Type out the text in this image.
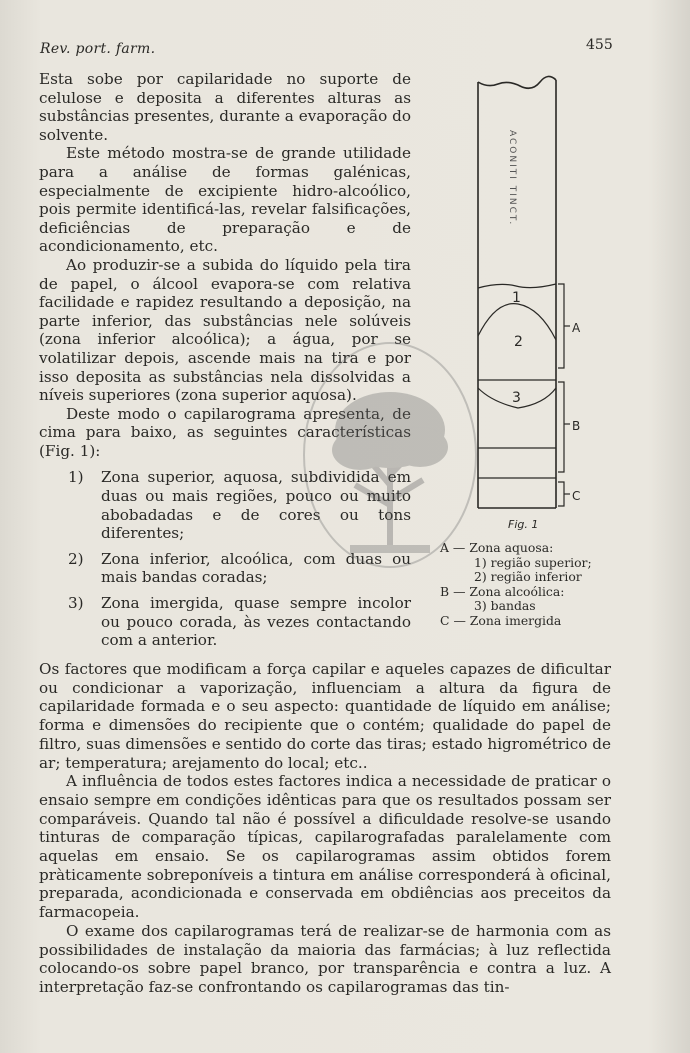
Rev. port. farm.	455

Esta sobe por capilaridade no suporte de celulose e deposita a diferentes alturas as substâncias presentes, durante a evaporação do solvente.

Este método mostra-se de grande utilidade para a análise de formas galénicas, especialmente de excipiente hidro-alcoólico, pois permite identificá-las, revelar falsificações, deficiências de preparação e de acondicionamento, etc.

Ao produzir-se a subida do líquido pela tira de papel, o álcool evapora-se com relativa facilidade e rapidez resultando a deposição, na parte inferior, das substâncias nele solúveis (zona inferior alcoólica); a água, por se volatilizar depois, ascende mais na tira e por isso deposita as substâncias nela dissolvidas a níveis superiores (zona superior aquosa).

Deste modo o capilarograma apresenta, de cima para baixo, as seguintes características (Fig. 1):

1)	Zona superior, aquosa, subdividida em duas ou mais regiões, pouco ou muito abobadadas e de cores ou tons diferentes;
2)	Zona inferior, alcoólica, com duas ou mais bandas coradas;
3)	Zona imergida, quase sempre incolor ou pouco corada, às vezes contactando com a anterior.
ACONITI TINCT.
1
2
3
A
B
C
Fig. 1
A — Zona aquosa:
1) região superior;
2) região inferior
B — Zona alcoólica:
3) bandas
C — Zona imergida

Os factores que modificam a força capilar e aqueles capazes de dificultar ou condicionar a vaporização, influenciam a altura da figura de capilaridade formada e o seu aspecto: quantidade de líquido em análise; forma e dimensões do recipiente que o contém; qualidade do papel de filtro, suas dimensões e sentido do corte das tiras; estado higrométrico de ar; temperatura; arejamento do local; etc..

A influência de todos estes factores indica a necessidade de praticar o ensaio sempre em condições idênticas para que os resultados possam ser comparáveis. Quando tal não é possível a dificuldade resolve-se usando tinturas de comparação típicas, capilarografadas paralelamente com aquelas em ensaio. Se os capilarogramas assim obtidos forem pràticamente sobreponíveis a tintura em análise corresponderá à oficinal, preparada, acondicionada e conservada em obdiências aos preceitos da farmacopeia.

O exame dos capilarogramas terá de realizar-se de harmonia com as possibilidades de instalação da maioria das farmácias; à luz reflectida colocando-os sobre papel branco, por transparência e contra a luz. A interpretação faz-se confrontando os capilarogramas das tin-
